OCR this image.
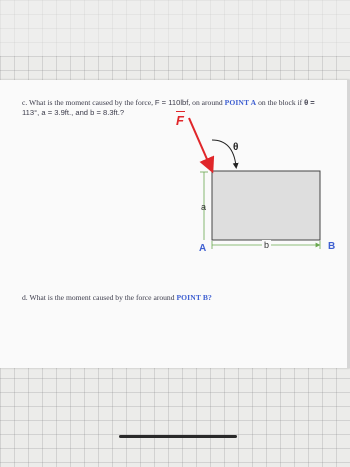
c. What is the moment caused by the force, F = 110lbf, on around POINT A on the block if θ =
113°, a = 3.9ft., and b = 8.3ft.?
F
θ
a
b
A	B
d. What is the moment caused by the force around POINT B?
